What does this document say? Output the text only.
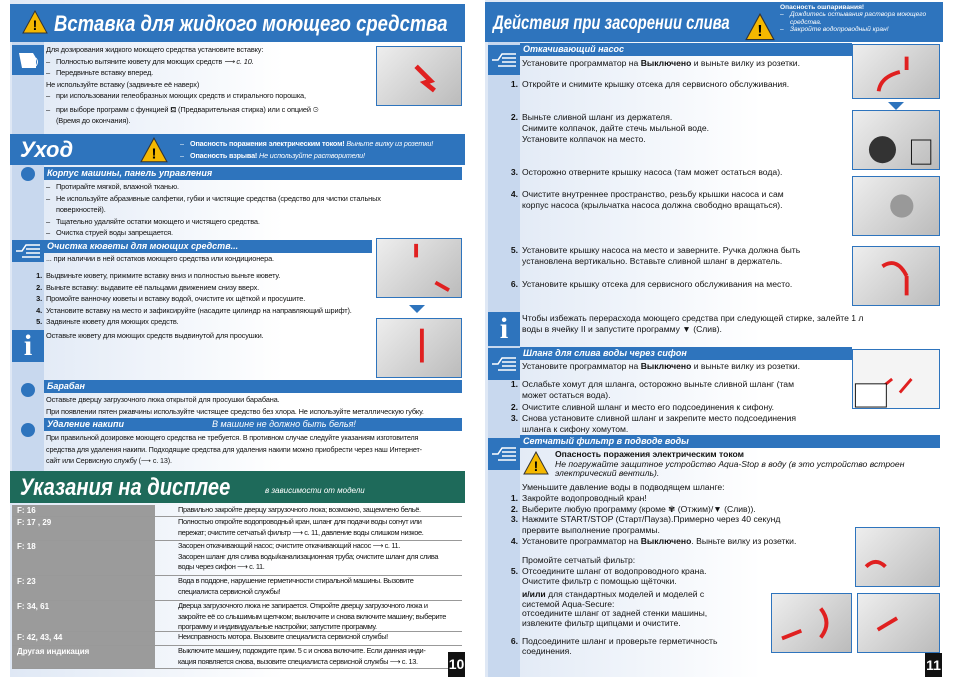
! Вставка для жидкого моющего средства
Для дозирования жидкого моющего средства установите вставку:
– Полностью вытяните кювету для моющих средств ⟶ с. 10.
– Передвиньте вставку вперед.
Не используйте вставку (задвиньте её наверх)
– при использовании гелеобразных моющих средств и стирального порошка,
– при выборе программ с функцией ⛾ (Предварительная стирка) или с опцией ⏲
(Время до окончания).
Уход	!
– Опасность поражения электрическим током! Выньте вилку из розетки!
– Опасность взрыва! Не используйте растворители!
Корпус машины, панель управления
– Протирайте мягкой, влажной тканью.
– Не используйте абразивные салфетки, губки и чистящие средства (средство для чистки стальных
поверхностей).
– Тщательно удаляйте остатки моющего и чистящего средства.
– Очистка струей воды запрещается.
Очистка кюветы для моющих средств...
... при наличии в ней остатков моющего средства или кондиционера.
1. Выдвиньте кювету, прижмите вставку вниз и полностью выньте кювету.
2. Выньте вставку: выдавите её пальцами движением снизу вверх.
3. Промойте ванночку кюветы и вставку водой, очистите их щёткой и просушите.
4. Установите вставку на место и зафиксируйте (насадите цилиндр на направляющий шрифт).
5. Задвиньте кювету для моющих средств.
i	Оставьте кювету для моющих средств выдвинутой для просушки.
Барабан
Оставьте дверцу загрузочного люка открытой для просушки барабана.
При появлении пятен ржавчины используйте чистящее средство без хлора. Не используйте металлическую губку.
Удаление накипи	В машине не должно быть белья!
При правильной дозировке моющего средства не требуется. В противном случае следуйте указаниям изготовителя
средства для удаления накипи. Подходящие средства для удаления накипи можно приобрести через наш Интернет-
сайт или Сервисную службу (⟶ с. 13).
Указания на дисплее	в зависимости от модели
F: 16	Правильно закройте дверцу загрузочного люка; возможно, защемлено бельё.
F: 17 , 29	Полностью откройте водопроводный кран, шланг для подачи воды согнут или
пережат; очистите сетчатый фильтр ⟶ с. 11, давление воды слишком низкое.
F: 18	Засорен откачивающий насос; очистите откачивающий насос ⟶ с. 11.
Засорен шланг для слива воды/канализационная труба; очистите шланг для слива
воды через сифон ⟶ с. 11.
F: 23	Вода в поддоне, нарушение герметичности стиральной машины. Вызовите
специалиста сервисной службы!
F: 34, 61	Дверца загрузочного люка не запирается. Откройте дверцу загрузочного люка и
закройте её со слышимым щелчком; выключите и снова включите машину; выберите
программу и индивидуальные настройки; запустите программу.
F: 42, 43, 44	Неисправность мотора. Вызовите специалиста сервисной службы!
Другая индикация	Выключите машину, подождите прим. 5 с и снова включите. Если данная инди-
кация появляется снова, вызовите специалиста сервисной службы ⟶ с. 13.	10
Действия при засорении слива !
Опасность ошпаривания!
– Дождитесь остывания раствора моющего средства.
– Закройте водопроводный кран!
Откачивающий насос
Установите программатор на Выключено и выньте вилку из розетки.
1. Откройте и снимите крышку отсека для сервисного обслуживания.
2. Выньте сливной шланг из держателя.
Снимите колпачок, дайте стечь мыльной воде.
Установите колпачок на место.
3. Осторожно отверните крышку насоса (там может остаться вода).
4. Очистите внутреннее пространство, резьбу крышки насоса и сам
корпус насоса (крыльчатка насоса должна свободно вращаться).
5. Установите крышку насоса на место и заверните. Ручка должна быть
установлена вертикально. Вставьте сливной шланг в держатель.
6. Установите крышку отсека для сервисного обслуживания на место.
i	Чтобы избежать перерасхода моющего средства при следующей стирке, залейте 1 л
воды в ячейку II и запустите программу ▼ (Слив).
Шланг для слива воды через сифон
Установите программатор на Выключено и выньте вилку из розетки.
1. Ослабьте хомут для шланга, осторожно выньте сливной шланг (там
может остаться вода).
2. Очистите сливной шланг и место его подсоединения к сифону.
3. Снова установите сливной шланг и закрепите место подсоединения
шланга к сифону хомутом.
Сетчатый фильтр в подводе воды
!
Опасность поражения электрическим током
Не погружайте защитное устройство Aqua-Stop в воду (в это устройство встроен
электрический вентиль).
Уменьшите давление воды в подводящем шланге:
1. Закройте водопроводный кран!
2. Выберите любую программу (кроме ✾ (Отжим)/▼ (Слив)).
3. Нажмите START/STOP (Старт/Пауза).Примерно через 40 секунд
прервите выполнение программы.
4. Установите программатор на Выключено. Выньте вилку из розетки.
Промойте сетчатый фильтр:
5. Отсоедините шланг от водопроводного крана.
Очистите фильтр с помощью щёточки.
и/или для стандартных моделей и моделей с
системой Aqua-Secure:
отсоедините шланг от задней стенки машины,
извлеките фильтр щипцами и очистите.
6. Подсоедините шланг и проверьте герметичность
соединения.
11
